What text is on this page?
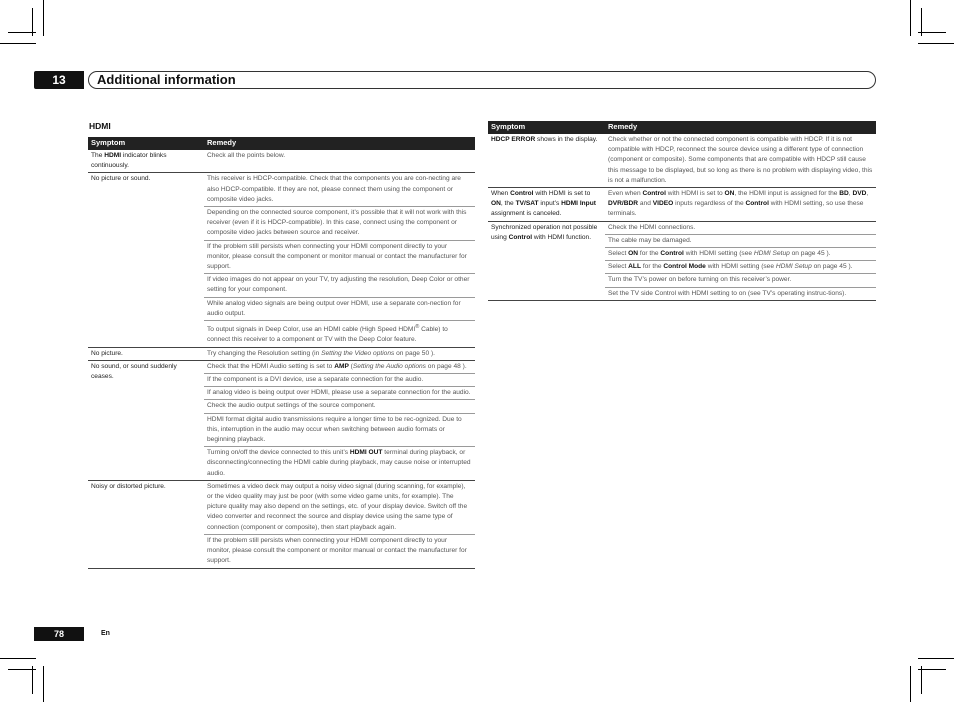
13	Additional information
HDMI
Symptom	Remedy
The HDMI indicator blinks continuously.	Check all the points below.
No picture or sound.	This receiver is HDCP-compatible. Check that the components you are con-necting are also HDCP-compatible. If they are not, please connect them using the component or composite video jacks.
	Depending on the connected source component, it’s possible that it will not work with this receiver (even if it is HDCP-compatible). In this case, connect using the component or composite video jacks between source and receiver.
	If the problem still persists when connecting your HDMI component directly to your monitor, please consult the component or monitor manual or contact the manufacturer for support.
	If video images do not appear on your TV, try adjusting the resolution, Deep Color or other setting for your component.
	While analog video signals are being output over HDMI, use a separate con-nection for audio output.
	To output signals in Deep Color, use an HDMI cable (High Speed HDMI® Cable) to connect this receiver to a component or TV with the Deep Color feature.
No picture.	Try changing the Resolution setting (in Setting the Video options on page 50 ).
No sound, or sound suddenly ceases.	Check that the HDMI Audio setting is set to AMP (Setting the Audio options on page 48 ).
	If the component is a DVI device, use a separate connection for the audio.
	If analog video is being output over HDMI, please use a separate connection for the audio.
	Check the audio output settings of the source component.
	HDMI format digital audio transmissions require a longer time to be rec-ognized. Due to this, interruption in the audio may occur when switching between audio formats or beginning playback.
	Turning on/off the device connected to this unit’s HDMI OUT terminal during playback, or disconnecting/connecting the HDMI cable during playback, may cause noise or interrupted audio.
Noisy or distorted picture.	Sometimes a video deck may output a noisy video signal (during scanning, for example), or the video quality may just be poor (with some video game units, for example). The picture quality may also depend on the settings, etc. of your display device. Switch off the video converter and reconnect the source and display device using the same type of connection (component or composite), then start playback again.
	If the problem still persists when connecting your HDMI component directly to your monitor, please consult the component or monitor manual or contact the manufacturer for support.
Symptom	Remedy
HDCP ERROR shows in the display.	Check whether or not the connected component is compatible with HDCP. If it is not compatible with HDCP, reconnect the source device using a different type of connection (component or composite). Some components that are compatible with HDCP still cause this message to be displayed, but so long as there is no problem with displaying video, this is not a malfunction.
When Control with HDMI is set to ON, the TV/SAT input’s HDMI Input assignment is canceled.	Even when Control with HDMI is set to ON, the HDMI input is assigned for the BD, DVD, DVR/BDR and VIDEO inputs regardless of the Control with HDMI setting, so use these terminals.
Synchronized operation not possible using Control with HDMI function.	Check the HDMI connections.
	The cable may be damaged.
	Select ON for the Control with HDMI setting (see HDMI Setup on page 45 ).
	Select ALL for the Control Mode with HDMI setting (see HDMI Setup on page 45 ).
	Turn the TV’s power on before turning on this receiver’s power.
	Set the TV side Control with HDMI setting to on (see TV’s operating instruc-tions).
78	En
